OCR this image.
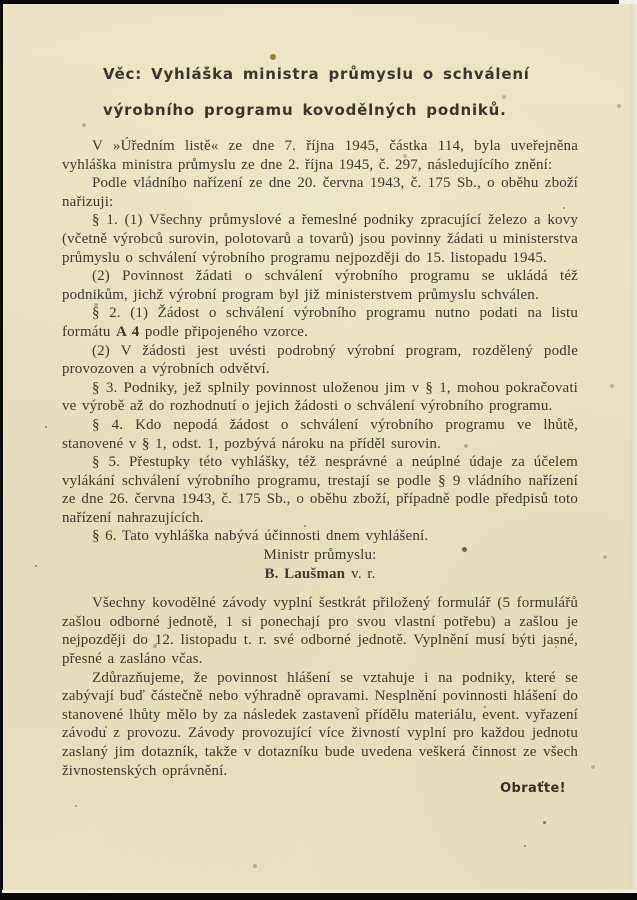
Věc: Vyhláška ministra průmyslu o schválení
výrobního programu kovodělných podniků.

V »Úředním listě« ze dne 7. října 1945, částka 114, byla uveřejněna vyhláška ministra průmyslu ze dne 2. října 1945, č. 297, následujícího znění:

Podle vládního nařízení ze dne 20. června 1943, č. 175 Sb., o oběhu zboží nařizuji:

§ 1. (1) Všechny průmyslové a řemeslné podniky zpracující železo a kovy (včetně výrobců surovin, polotovarů a tovarů) jsou povinny žádati u ministerstva průmyslu o schválení výrobního programu nejpozději do 15. listopadu 1945.

(2) Povinnost žádati o schválení výrobního programu se ukládá též podnikům, jichž výrobní program byl již ministerstvem průmyslu schválen.

§ 2. (1) Žádost o schválení výrobního programu nutno podati na listu formátu A 4 podle připojeného vzorce.

(2) V žádosti jest uvésti podrobný výrobní program, rozdělený podle provozoven a výrobních odvětví.

§ 3. Podniky, jež splnily povinnost uloženou jim v § 1, mohou pokračovati ve výrobě až do rozhodnutí o jejich žádosti o schválení výrobního programu.

§ 4. Kdo nepodá žádost o schválení výrobního programu ve lhůtě, stanovené v § 1, odst. 1, pozbývá nároku na příděl surovin.

§ 5. Přestupky této vyhlášky, též nesprávné a neúplné údaje za účelem vylákání schválení výrobního programu, trestají se podle § 9 vládního nařízení ze dne 26. června 1943, č. 175 Sb., o oběhu zboží, případně podle předpisů toto nařízení nahrazujících.

§ 6. Tato vyhláška nabývá účinnosti dnem vyhlášení.

Ministr průmyslu:

B. Laušman v. r.

Všechny kovodělné závody vyplní šestkrát přiložený formulář (5 formulářů zašlou odborné jednotě, 1 si ponechají pro svou vlastní potřebu) a zašlou je nejpozději do 12. listopadu t. r. své odborné jednotě. Vyplnění musí býti jasné, přesné a zasláno včas.

Zdůrazňujeme, že povinnost hlášení se vztahuje i na podniky, které se zabývají buď částečně nebo výhradně opravami. Nesplnění povinnosti hlášení do stanovené lhůty mělo by za následek zastavení přídělu materiálu, event. vyřazení závodu z provozu. Závody provozující více živností vyplní pro každou jednotu zaslaný jim dotazník, takže v dotazníku bude uvedena veškerá činnost ze všech živnostenských oprávnění.

Obraťte!
